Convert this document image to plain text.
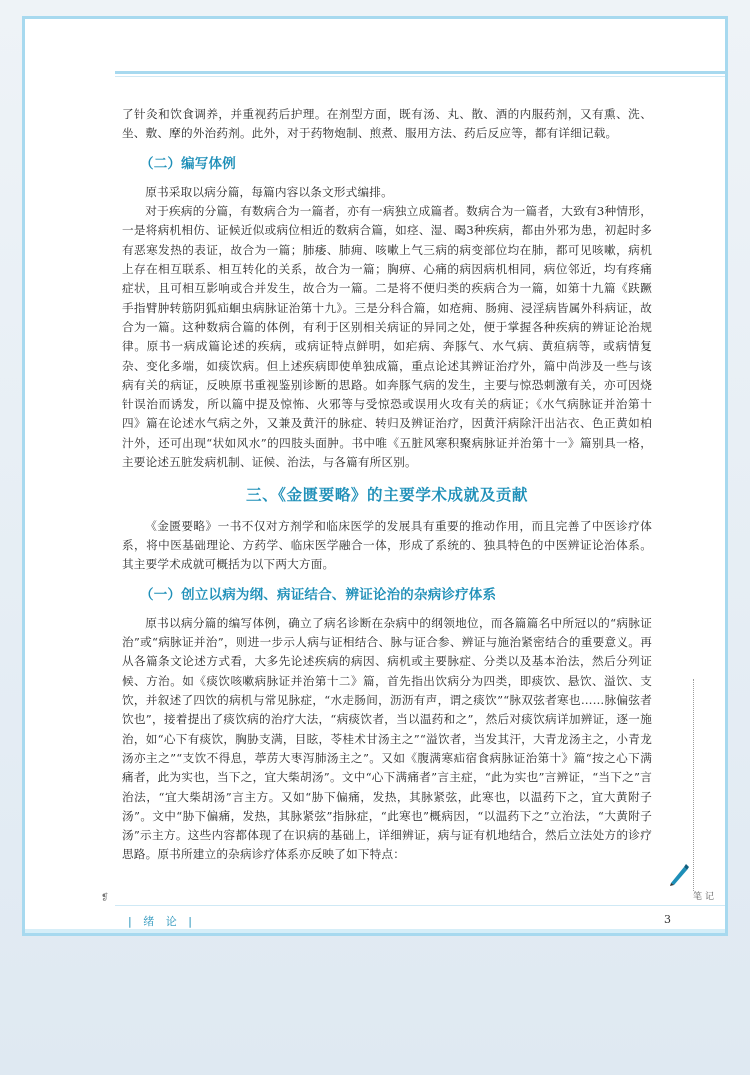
了针灸和饮食调养，并重视药后护理。在剂型方面，既有汤、丸、散、酒的内服药剂，又有熏、洗、坐、敷、摩的外治药剂。此外，对于药物炮制、煎煮、服用方法、药后反应等，都有详细记载。

（二）编写体例

原书采取以病分篇，每篇内容以条文形式编排。

对于疾病的分篇，有数病合为一篇者，亦有一病独立成篇者。数病合为一篇者，大致有3种情形，一是将病机相仿、证候近似或病位相近的数病合篇，如痉、湿、暍3种疾病，都由外邪为患，初起时多有恶寒发热的表证，故合为一篇；肺痿、肺痈、咳嗽上气三病的病变部位均在肺，都可见咳嗽，病机上存在相互联系、相互转化的关系，故合为一篇；胸痹、心痛的病因病机相同，病位邻近，均有疼痛症状，且可相互影响或合并发生，故合为一篇。二是将不便归类的疾病合为一篇，如第十九篇《趺蹶手指臂肿转筋阴狐疝蛔虫病脉证治第十九》。三是分科合篇，如疮痈、肠痈、浸淫病皆属外科病证，故合为一篇。这种数病合篇的体例，有利于区别相关病证的异同之处，便于掌握各种疾病的辨证论治规律。原书一病成篇论述的疾病，或病证特点鲜明，如疟病、奔豚气、水气病、黄疸病等，或病情复杂、变化多端，如痰饮病。但上述疾病即使单独成篇，重点论述其辨证治疗外，篇中尚涉及一些与该病有关的病证，反映原书重视鉴别诊断的思路。如奔豚气病的发生，主要与惊恐刺激有关，亦可因烧针误治而诱发，所以篇中提及惊怖、火邪等与受惊恐或误用火攻有关的病证；《水气病脉证并治第十四》篇在论述水气病之外，又兼及黄汗的脉症、转归及辨证治疗，因黄汗病除汗出沾衣、色正黄如柏汁外，还可出现“状如风水”的四肢头面肿。书中唯《五脏风寒积聚病脉证并治第十一》篇别具一格，主要论述五脏发病机制、证候、治法，与各篇有所区别。

三、《金匮要略》的主要学术成就及贡献

《金匮要略》一书不仅对方剂学和临床医学的发展具有重要的推动作用，而且完善了中医诊疗体系，将中医基础理论、方药学、临床医学融合一体，形成了系统的、独具特色的中医辨证论治体系。其主要学术成就可概括为以下两大方面。

（一）创立以病为纲、病证结合、辨证论治的杂病诊疗体系

原书以病分篇的编写体例，确立了病名诊断在杂病中的纲领地位，而各篇篇名中所冠以的“病脉证治”或“病脉证并治”，则进一步示人病与证相结合、脉与证合参、辨证与施治紧密结合的重要意义。再从各篇条文论述方式看，大多先论述疾病的病因、病机或主要脉症、分类以及基本治法，然后分列证候、方治。如《痰饮咳嗽病脉证并治第十二》篇，首先指出饮病分为四类，即痰饮、悬饮、溢饮、支饮，并叙述了四饮的病机与常见脉症，“水走肠间，沥沥有声，谓之痰饮”“脉双弦者寒也……脉偏弦者饮也”，接着提出了痰饮病的治疗大法，“病痰饮者，当以温药和之”，然后对痰饮病详加辨证，逐一施治，如“心下有痰饮，胸胁支满，目眩，苓桂术甘汤主之”“溢饮者，当发其汗，大青龙汤主之，小青龙汤亦主之”“支饮不得息，葶苈大枣泻肺汤主之”。又如《腹满寒疝宿食病脉证治第十》篇“按之心下满痛者，此为实也，当下之，宜大柴胡汤”。文中“心下满痛者”言主症，“此为实也”言辨证，“当下之”言治法，“宜大柴胡汤”言主方。又如“胁下偏痛，发热，其脉紧弦，此寒也，以温药下之，宜大黄附子汤”。文中“胁下偏痛，发热，其脉紧弦”指脉症，“此寒也”概病因，“以温药下之”立治法，“大黄附子汤”示主方。这些内容都体现了在识病的基础上，详细辨证，病与证有机地结合，然后立法处方的诊疗思路。原书所建立的杂病诊疗体系亦反映了如下特点：

笔记
❡
| 绪 论 |	3
